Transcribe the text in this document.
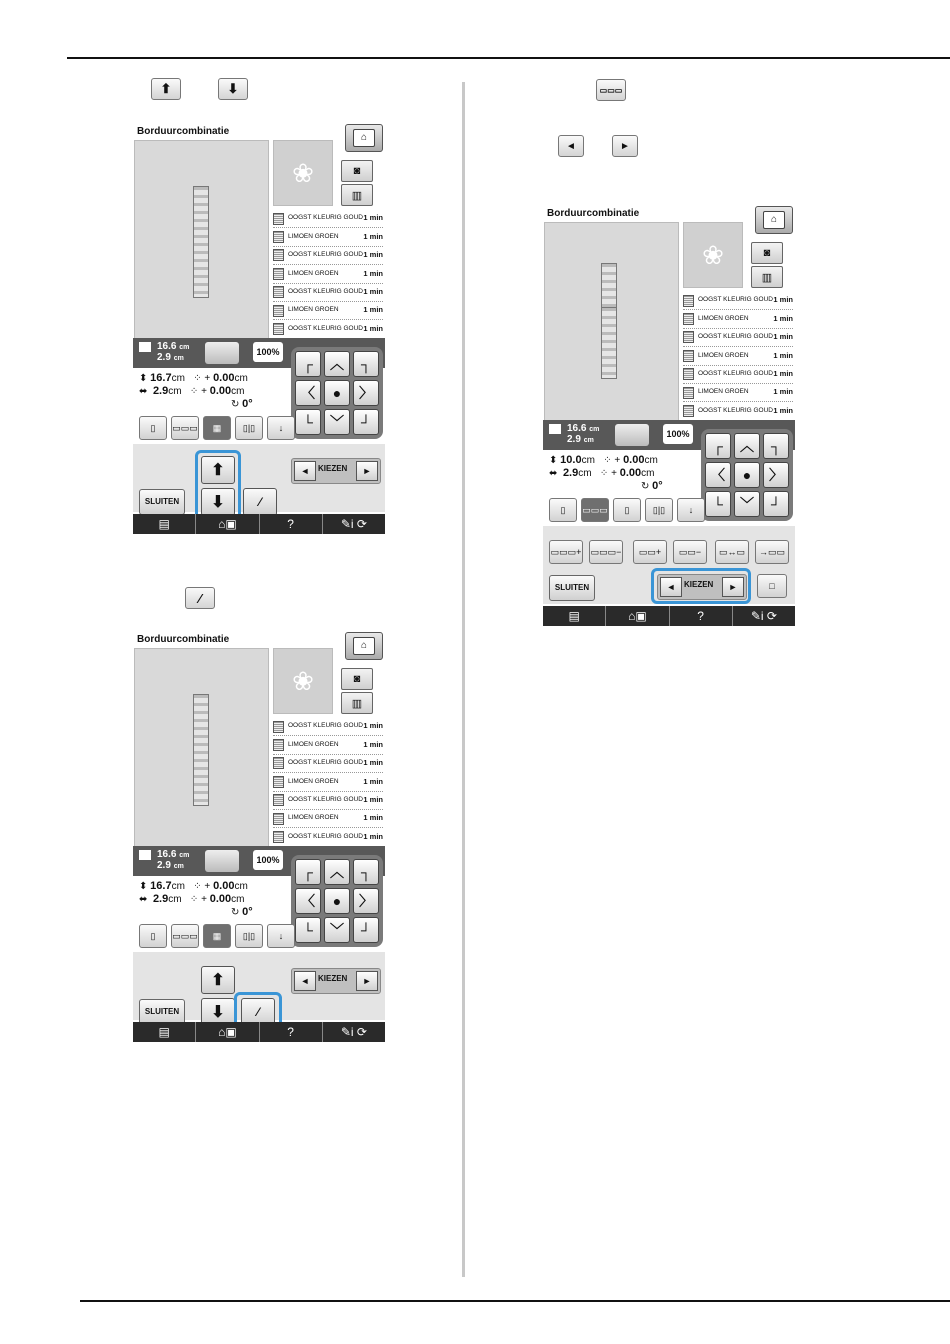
⬆	⬇
⁄
▭▭▭
◄	►
Borduurcombinatie
⌂
❀	◙
▥
OOGST KLEURIG GOUD 1 min
LIMOEN GROEN	1 min
OOGST KLEURIG GOUD 1 min
LIMOEN GROEN	1 min
OOGST KLEURIG GOUD 1 min
LIMOEN GROEN	1 min
OOGST KLEURIG GOUD 1 min
16.6 cm
2.9 cm
100%
⬍ 16.7cm   ⁘ + 0.00cm
⬌  2.9cm   ⁘ + 0.00cm
↻ 0°
┌	︿	┐
〈	●	〉
└	﹀	┘
▯	▭▭▭	▦	▯|▯	↓
⬆
⬇	⁄
◄	KIEZEN	►
SLUITEN
▤	⌂▣	?	✎i ⟳
Borduurcombinatie
⌂
❀	◙
▥
OOGST KLEURIG GOUD 1 min
LIMOEN GROEN	1 min
OOGST KLEURIG GOUD 1 min
LIMOEN GROEN	1 min
OOGST KLEURIG GOUD 1 min
LIMOEN GROEN	1 min
OOGST KLEURIG GOUD 1 min
16.6 cm
2.9 cm
100%
⬍ 16.7cm   ⁘ + 0.00cm
⬌  2.9cm   ⁘ + 0.00cm
↻ 0°
┌	︿	┐
〈	●	〉
└	﹀	┘
▯	▭▭▭	▦	▯|▯	↓
⬆
⬇	⁄
◄	KIEZEN	►
SLUITEN
▤	⌂▣	?	✎i ⟳
Borduurcombinatie
⌂
❀	◙
▥
OOGST KLEURIG GOUD 1 min
LIMOEN GROEN	1 min
OOGST KLEURIG GOUD 1 min
LIMOEN GROEN	1 min
OOGST KLEURIG GOUD 1 min
LIMOEN GROEN	1 min
OOGST KLEURIG GOUD 1 min
16.6 cm
2.9 cm
100%
⬍ 10.0cm   ⁘ + 0.00cm
⬌  2.9cm   ⁘ + 0.00cm
↻ 0°
┌	︿	┐
〈	●	〉
└	﹀	┘
▯	▭▭▭	▯	▯|▯	↓
▭▭▭+ ▭▭▭−	▭▭+	▭▭−	▭↔▭	→▭▭
◄	KIEZEN	►	□
SLUITEN
▤	⌂▣	?	✎i ⟳
